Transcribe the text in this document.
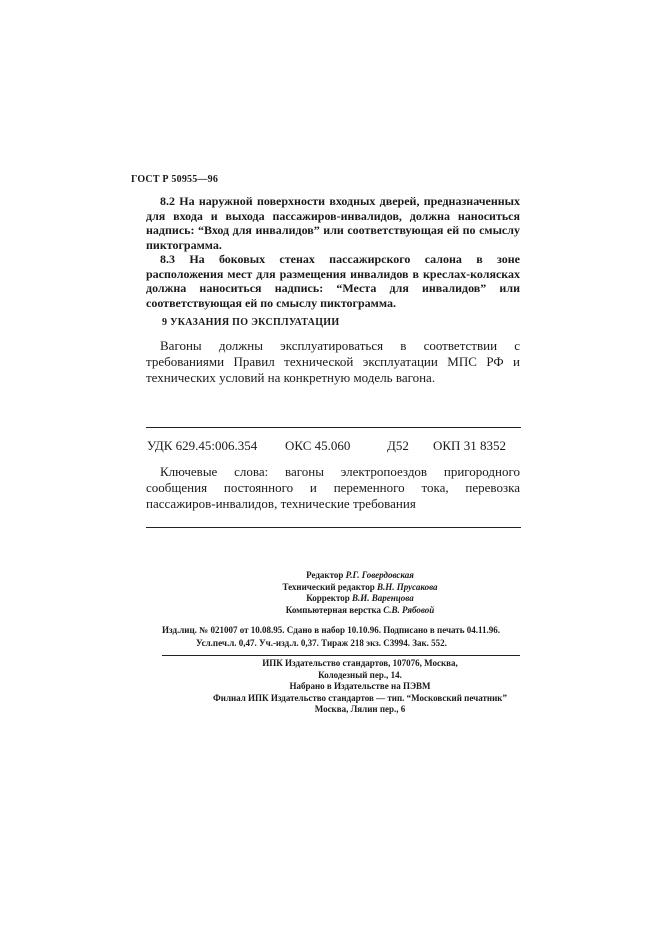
ГОСТ Р 50955—96
8.2 На наружной поверхности входных дверей, предназначенных для входа и выхода пассажиров-инвалидов, должна наноситься надпись: “Вход для инвалидов” или соответствующая ей по смыслу пиктограмма.
8.3 На боковых стенах пассажирского салона в зоне расположения мест для размещения инвалидов в креслах-колясках должна наноситься надпись: “Места для инвалидов” или соответствующая ей по смыслу пиктограмма.
9 УКАЗАНИЯ ПО ЭКСПЛУАТАЦИИ
Вагоны должны эксплуатироваться в соответствии с требованиями Правил технической эксплуатации МПС РФ и технических условий на конкретную модель вагона.
УДК 629.45:006.354	ОКС 45.060	Д52	ОКП 31 8352
Ключевые слова: вагоны электропоездов пригородного сообщения постоянного и переменного тока, перевозка пассажиров-инвалидов, технические требования
Редактор Р.Г. Говердовская
Технический редактор В.Н. Прусакова
Корректор В.И. Варенцова
Компьютерная верстка С.В. Рябовой
Изд.лиц. № 021007 от 10.08.95. Сдано в набор 10.10.96. Подписано в печать 04.11.96.
Усл.печ.л. 0,47. Уч.-изд.л. 0,37. Тираж 218 экз. С3994. Зак. 552.
ИПК Издательство стандартов, 107076, Москва,
Колодезный пер., 14.
Набрано в Издательстве на ПЭВМ
Филиал ИПК Издательство стандартов — тип. “Московский печатник”
Москва, Лялин пер., 6
